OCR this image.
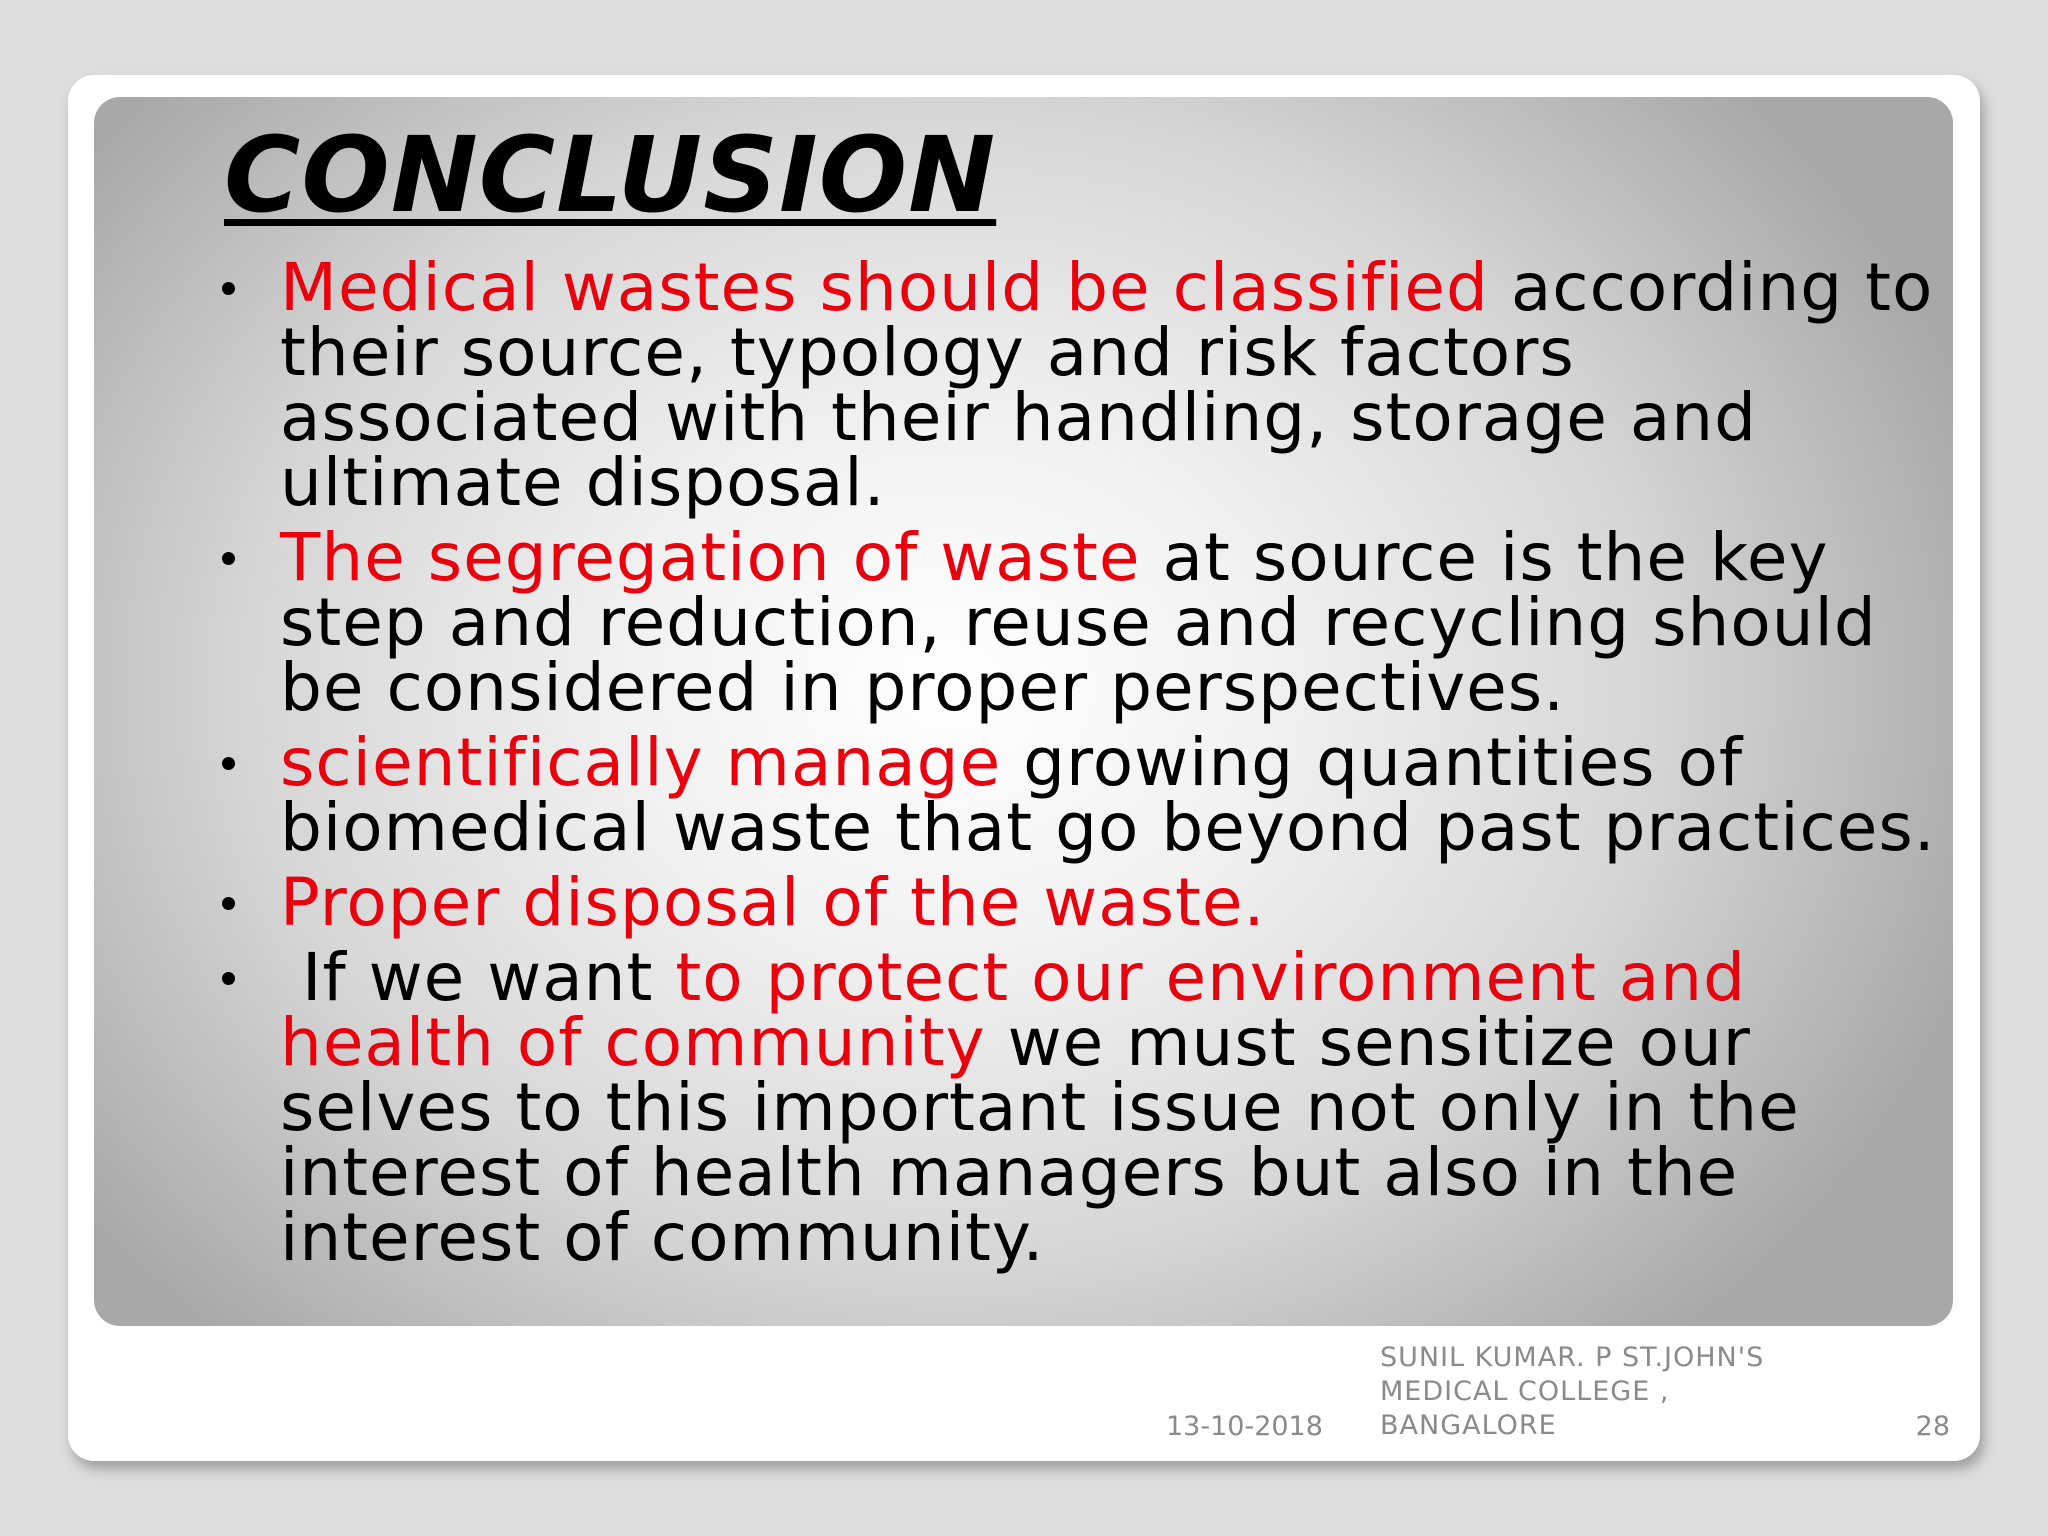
CONCLUSION
Medical wastes should be classified according to their source, typology and risk factors associated with their handling, storage and ultimate disposal.
The segregation of waste at source is the key step and reduction, reuse and recycling should be considered in proper perspectives.
scientifically manage growing quantities of biomedical waste that go beyond past practices.
Proper disposal of the waste.
If we want to protect our environment and health of community we must sensitize our selves to this important issue not only in the interest of health managers but also in the interest of community.
13-10-2018
SUNIL KUMAR. P ST.JOHN'S MEDICAL COLLEGE , BANGALORE	28
